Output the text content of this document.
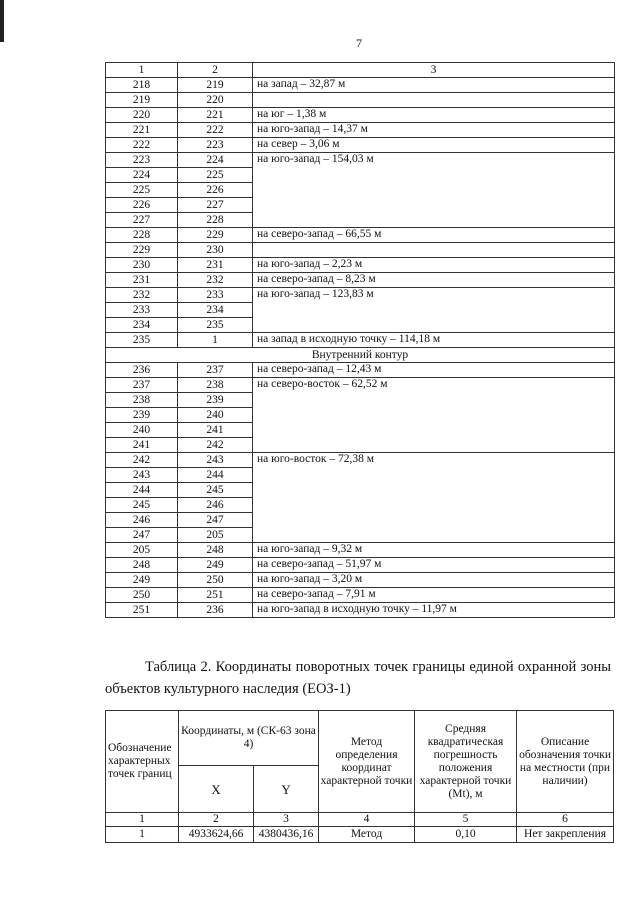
7
1	2	3
218	219	на запад – 32,87 м
219	220	
220	221	на юг – 1,38 м
221	222	на юго-запад – 14,37 м
222	223	на север – 3,06 м
223	224	на юго-запад – 154,03 м
224	225	
225	226	
226	227	
227	228	
228	229	на северо-запад – 66,55 м
229	230	
230	231	на юго-запад – 2,23 м
231	232	на северо-запад – 8,23 м
232	233	на юго-запад – 123,83 м
233	234	
234	235	
235	1	на запад в исходную точку – 114,18 м
Внутренний контур		
236	237	на северо-запад – 12,43 м
237	238	на северо-восток – 62,52 м
238	239	
239	240	
240	241	
241	242	
242	243	на юго-восток – 72,38 м
243	244	
244	245	
245	246	
246	247	
247	205	
205	248	на юго-запад – 9,32 м
248	249	на северо-запад – 51,97 м
249	250	на юго-запад – 3,20 м
250	251	на северо-запад – 7,91 м
251	236	на юго-запад в исходную точку – 11,97 м
Таблица 2. Координаты поворотных точек границы единой охранной зоны объектов культурного наследия (ЕОЗ-1)
Обозначение характерных точек границ	Координаты, м (СК-63 зона 4)		Метод определения координат характерной точки	Средняя квадратическая погрешность положения характерной точки (Mt), м	Описание обозначения точки на местности (при наличии)
	X	Y			
1	2	3	4	5	6
1	4933624,66	4380436,16	Метод	0,10	Нет закрепления
